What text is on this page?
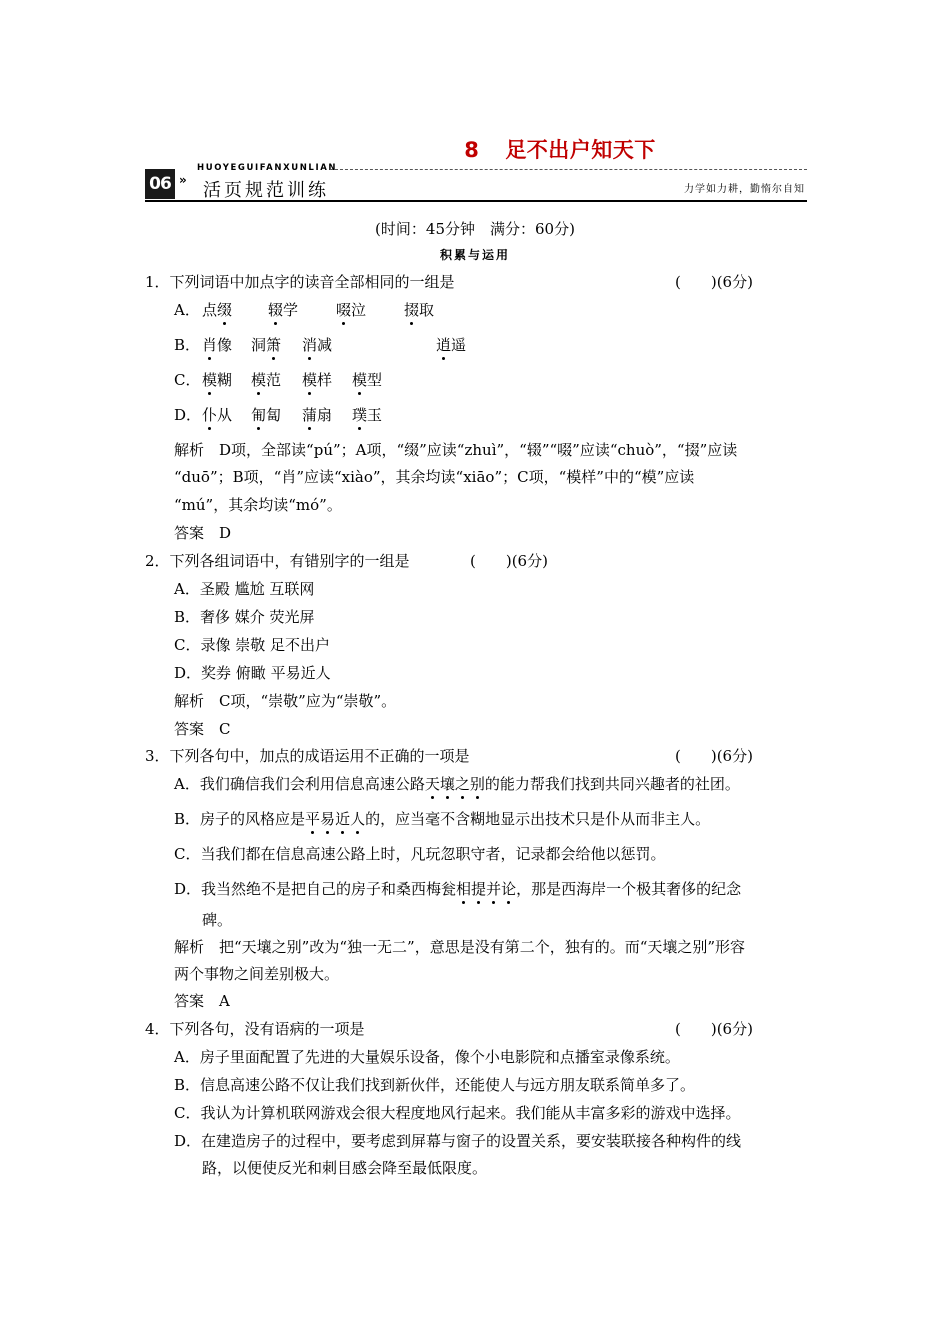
8 足不出户知天下
06 »
HUOYEGUIFANXUNLIAN
活页规范训练	力学如力耕，勤惰尔自知
(时间：45分钟　满分：60分)
积累与运用
1．下列词语中加点字的读音全部相同的一组是	(　　)(6分)
A． 点缀 辍学	啜泣	掇取
B． 肖像 洞箫 消减	逍遥
C． 模糊 模范 模样 模型
D． 仆从 匍匐 蒲扇 璞玉
解析　D项，全部读“pú”；A项，“缀”应读“zhuì”，“辍”“啜”应读“chuò”，“掇”应读
“duō”；B项，“肖”应读“xiào”，其余均读“xiāo”；C项，“模样”中的“模”应读
“mú”，其余均读“mó”。
答案　D
2．下列各组词语中，有错别字的一组是	(　　)(6分)
A．圣殿 尴尬 互联网
B．奢侈 媒介 荧光屏
C．录像 崇敬 足不出户
D．奖券 俯瞰 平易近人
解析　C项，“崇敬”应为“崇敬”。
答案　C
3．下列各句中，加点的成语运用不正确的一项是	(　　)(6分)
A．我们确信我们会利用信息高速公路天壤之别的能力帮我们找到共同兴趣者的社团。
B．房子的风格应是平易近人的，应当毫不含糊地显示出技术只是仆从而非主人。
C．当我们都在信息高速公路上时，凡玩忽职守者，记录都会给他以惩罚。
D．我当然绝不是把自己的房子和桑西梅瓮相提并论，那是西海岸一个极其奢侈的纪念
碑。
解析　把“天壤之别”改为“独一无二”，意思是没有第二个，独有的。而“天壤之别”形容
两个事物之间差别极大。
答案　A
4．下列各句，没有语病的一项是	(　　)(6分)
A．房子里面配置了先进的大量娱乐设备，像个小电影院和点播室录像系统。
B．信息高速公路不仅让我们找到新伙伴，还能使人与远方朋友联系简单多了。
C．我认为计算机联网游戏会很大程度地风行起来。我们能从丰富多彩的游戏中选择。
D．在建造房子的过程中，要考虑到屏幕与窗子的设置关系，要安装联接各种构件的线
路，以便使反光和刺目感会降至最低限度。
